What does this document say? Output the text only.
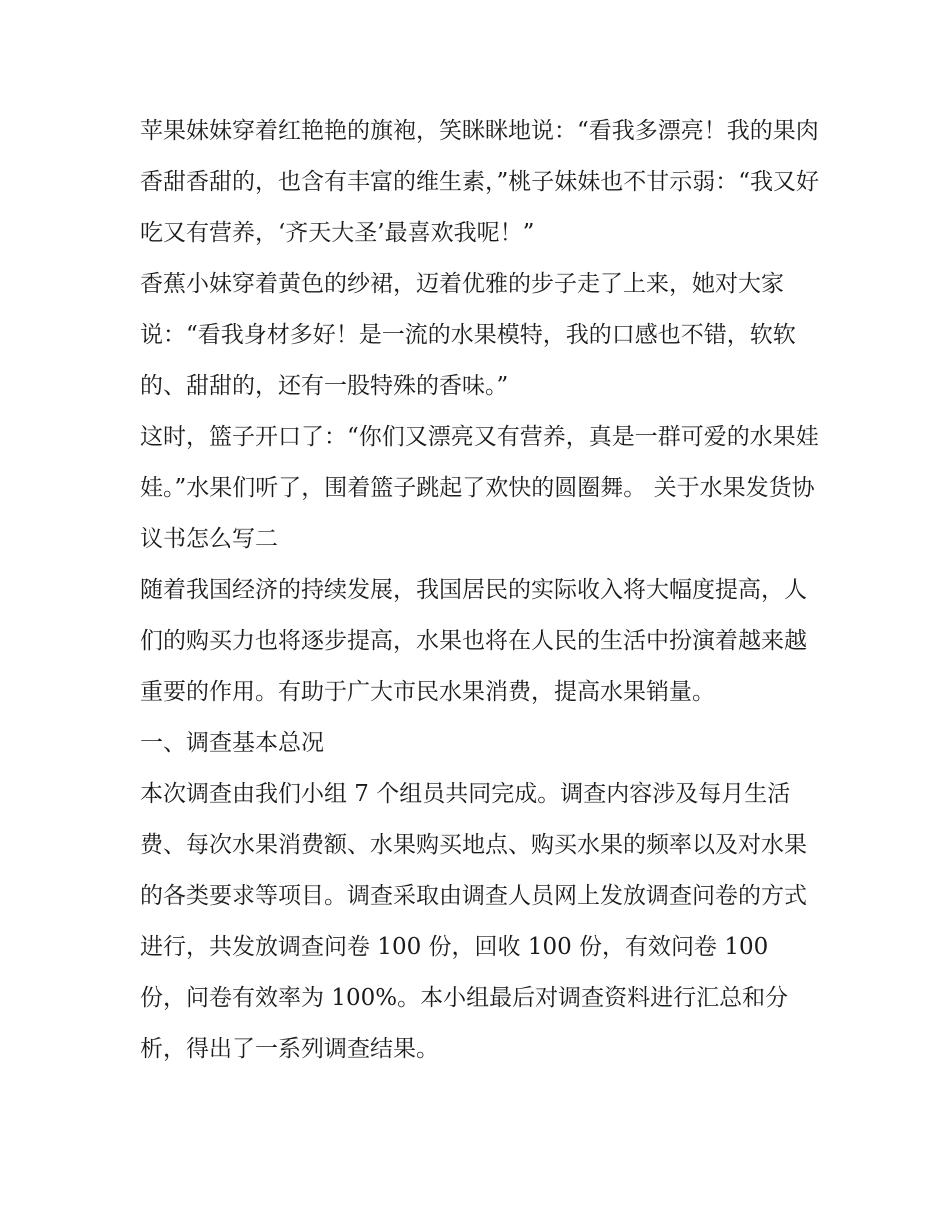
苹果妹妹穿着红艳艳的旗袍，笑眯眯地说：“看我多漂亮！我的果肉香甜香甜的，也含有丰富的维生素，”桃子妹妹也不甘示弱：“我又好吃又有营养，‘齐天大圣’最喜欢我呢！”

香蕉小妹穿着黄色的纱裙，迈着优雅的步子走了上来，她对大家说：“看我身材多好！是一流的水果模特，我的口感也不错，软软的、甜甜的，还有一股特殊的香味。”

这时，篮子开口了：“你们又漂亮又有营养，真是一群可爱的水果娃娃。”水果们听了，围着篮子跳起了欢快的圆圈舞。 关于水果发货协议书怎么写二

随着我国经济的持续发展，我国居民的实际收入将大幅度提高，人们的购买力也将逐步提高，水果也将在人民的生活中扮演着越来越重要的作用。有助于广大市民水果消费，提高水果销量。

一、调查基本总况

本次调查由我们小组 7 个组员共同完成。调查内容涉及每月生活费、每次水果消费额、水果购买地点、购买水果的频率以及对水果的各类要求等项目。调查采取由调查人员网上发放调查问卷的方式进行，共发放调查问卷 100 份，回收 100 份，有效问卷 100 份，问卷有效率为 100%。本小组最后对调查资料进行汇总和分析，得出了一系列调查结果。
